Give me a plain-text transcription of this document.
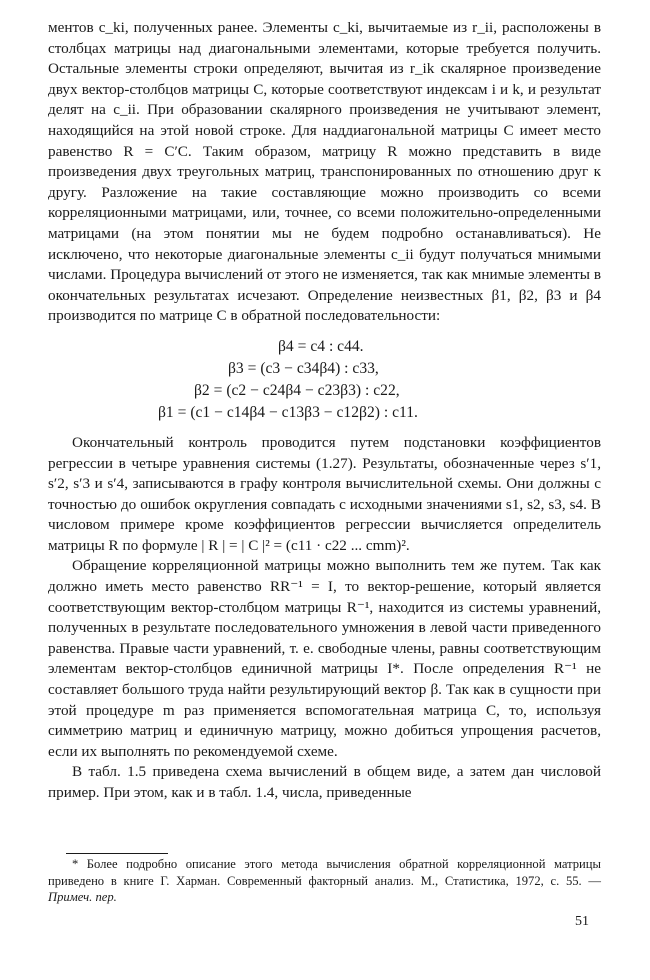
ментов c_ki, полученных ранее. Элементы c_ki, вычитаемые из r_ii, расположены в столбцах матрицы над диагональными элементами, которые требуется получить. Остальные элементы строки определяют, вычитая из r_ik скалярное произведение двух вектор-столбцов матрицы C, которые соответствуют индексам i и k, и результат делят на c_ii. При образовании скалярного произведения не учитывают элемент, находящийся на этой новой строке. Для наддиагональной матрицы C имеет место равенство R = C′C. Таким образом, матрицу R можно представить в виде произведения двух треугольных матриц, транспонированных по отношению друг к другу. Разложение на такие составляющие можно производить со всеми корреляционными матрицами, или, точнее, со всеми положительно-определенными матрицами (на этом понятии мы не будем подробно останавливаться). Не исключено, что некоторые диагональные элементы c_ii будут получаться мнимыми числами. Процедура вычислений от этого не изменяется, так как мнимые элементы в окончательных результатах исчезают. Определение неизвестных β1, β2, β3 и β4 производится по матрице C в обратной последовательности:

β4 = c4 : c44.
β3 = (c3 − c34β4) : c33,
β2 = (c2 − c24β4 − c23β3) : c22,
β1 = (c1 − c14β4 − c13β3 − c12β2) : c11.

Окончательный контроль проводится путем подстановки коэффициентов регрессии в четыре уравнения системы (1.27). Результаты, обозначенные через s′1, s′2, s′3 и s′4, записываются в графу контроля вычислительной схемы. Они должны с точностью до ошибок округления совпадать с исходными значениями s1, s2, s3, s4. В числовом примере кроме коэффициентов регрессии вычисляется определитель матрицы R по формуле | R | = | C |² = (c11 · c22 ... cmm)².

Обращение корреляционной матрицы можно выполнить тем же путем. Так как должно иметь место равенство RR⁻¹ = I, то вектор-решение, который является соответствующим вектор-столбцом матрицы R⁻¹, находится из системы уравнений, полученных в результате последовательного умножения в левой части приведенного равенства. Правые части уравнений, т. е. свободные члены, равны соответствующим элементам вектор-столбцов единичной матрицы I*. После определения R⁻¹ не составляет большого труда найти результирующий вектор β. Так как в сущности при этой процедуре m раз применяется вспомогательная матрица C, то, используя симметрию матриц и единичную матрицу, можно добиться упрощения расчетов, если их выполнять по рекомендуемой схеме.

В табл. 1.5 приведена схема вычислений в общем виде, а затем дан числовой пример. При этом, как и в табл. 1.4, числа, приведенные

* Более подробно описание этого метода вычисления обратной корреляционной матрицы приведено в книге Г. Харман. Современный факторный анализ. М., Статистика, 1972, с. 55. — Примеч. пер.

51
